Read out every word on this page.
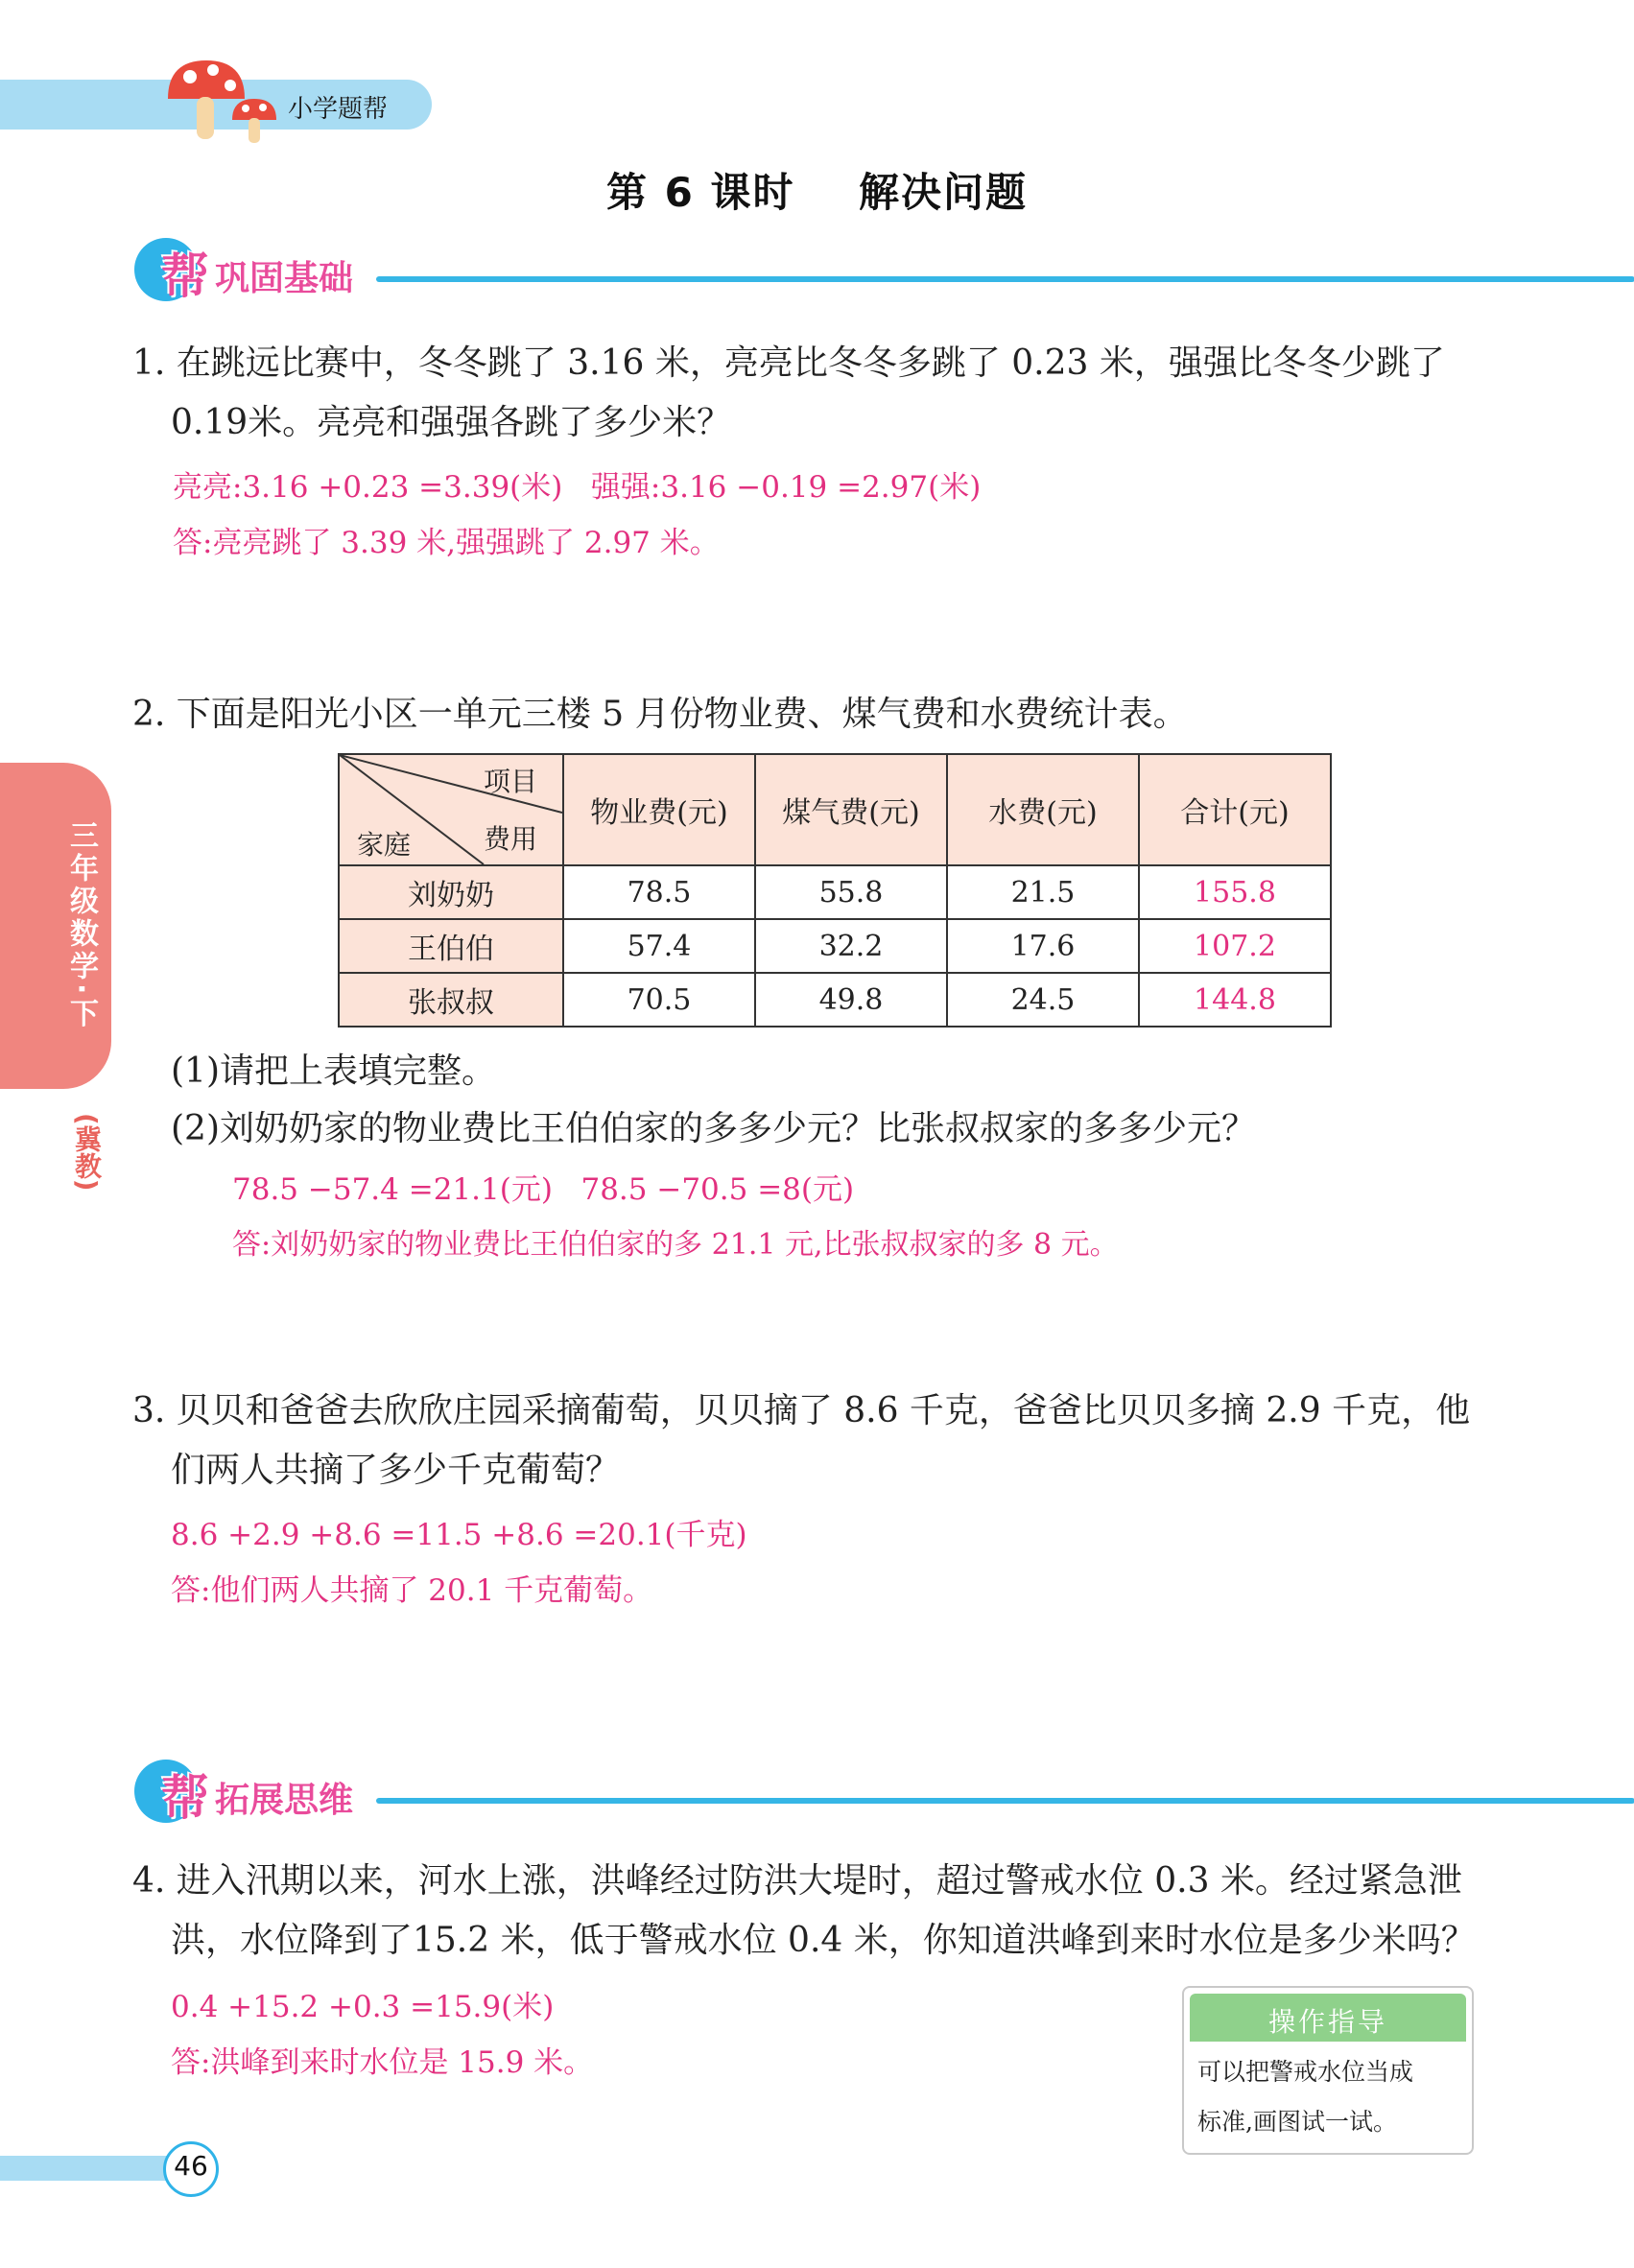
小学题帮
第 6 课时    解决问题
帮 巩固基础
1. 在跳远比赛中，冬冬跳了 3.16 米，亮亮比冬冬多跳了 0.23 米，强强比冬冬少跳了
0.19米。亮亮和强强各跳了多少米？
亮亮:3.16 +0.23 =3.39(米)   强强:3.16 −0.19 =2.97(米)
答:亮亮跳了 3.39 米,强强跳了 2.97 米。
2. 下面是阳光小区一单元三楼 5 月份物业费、煤气费和水费统计表。
项目
费用
家庭	物业费(元)	煤气费(元)	水费(元)	合计(元)
刘奶奶	78.5	55.8	21.5	155.8
王伯伯	57.4	32.2	17.6	107.2
张叔叔	70.5	49.8	24.5	144.8
(1)请把上表填完整。
(2)刘奶奶家的物业费比王伯伯家的多多少元？比张叔叔家的多多少元？
78.5 −57.4 =21.1(元)   78.5 −70.5 =8(元)
答:刘奶奶家的物业费比王伯伯家的多 21.1 元,比张叔叔家的多 8 元。
3. 贝贝和爸爸去欣欣庄园采摘葡萄，贝贝摘了 8.6 千克，爸爸比贝贝多摘 2.9 千克，他
们两人共摘了多少千克葡萄？
8.6 +2.9 +8.6 =11.5 +8.6 =20.1(千克)
答:他们两人共摘了 20.1 千克葡萄。
帮 拓展思维
4. 进入汛期以来，河水上涨，洪峰经过防洪大堤时，超过警戒水位 0.3 米。经过紧急泄
洪，水位降到了15.2 米，低于警戒水位 0.4 米，你知道洪峰到来时水位是多少米吗？
0.4 +15.2 +0.3 =15.9(米)
答:洪峰到来时水位是 15.9 米。
操作指导
可以把警戒水位当成
标准,画图试一试。
三年级数学·下
(冀教)
46
